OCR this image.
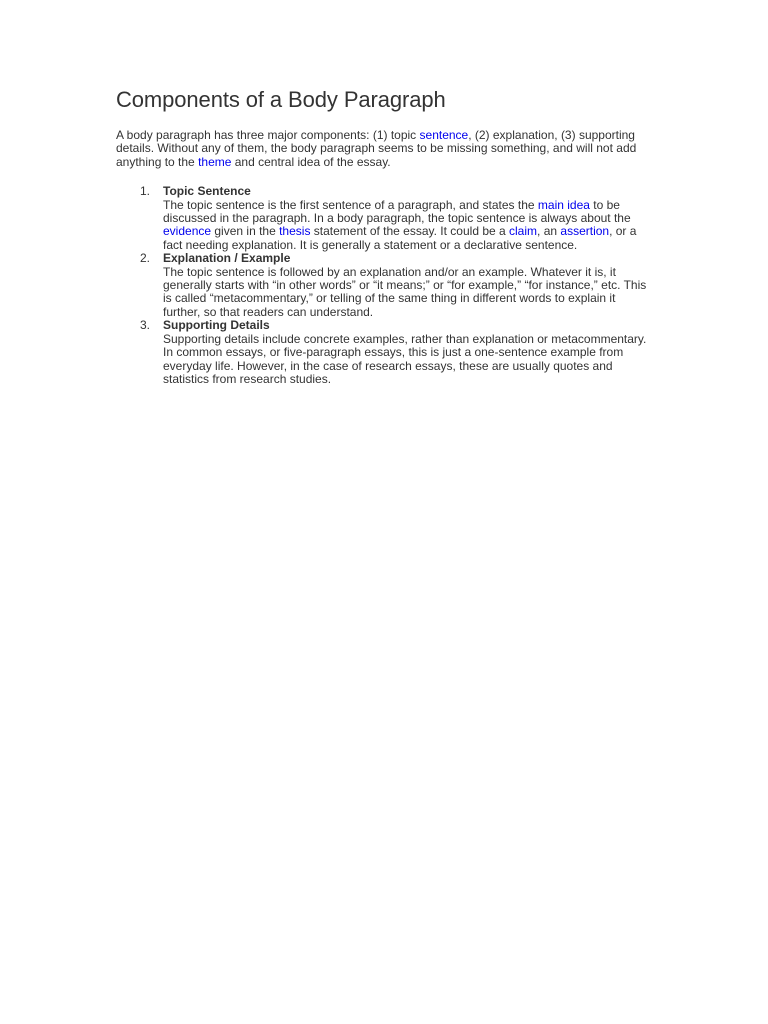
Components of a Body Paragraph

A body paragraph has three major components: (1) topic sentence, (2) explanation, (3) supporting details. Without any of them, the body paragraph seems to be missing something, and will not add anything to the theme and central idea of the essay.

1. Topic Sentence
The topic sentence is the first sentence of a paragraph, and states the main idea to be discussed in the paragraph. In a body paragraph, the topic sentence is always about the evidence given in the thesis statement of the essay. It could be a claim, an assertion, or a fact needing explanation. It is generally a statement or a declarative sentence.
2. Explanation / Example
The topic sentence is followed by an explanation and/or an example. Whatever it is, it generally starts with “in other words” or “it means;” or “for example,” “for instance,” etc. This is called “metacommentary,” or telling of the same thing in different words to explain it further, so that readers can understand.
3. Supporting Details
Supporting details include concrete examples, rather than explanation or metacommentary. In common essays, or five-paragraph essays, this is just a one-sentence example from everyday life. However, in the case of research essays, these are usually quotes and statistics from research studies.
